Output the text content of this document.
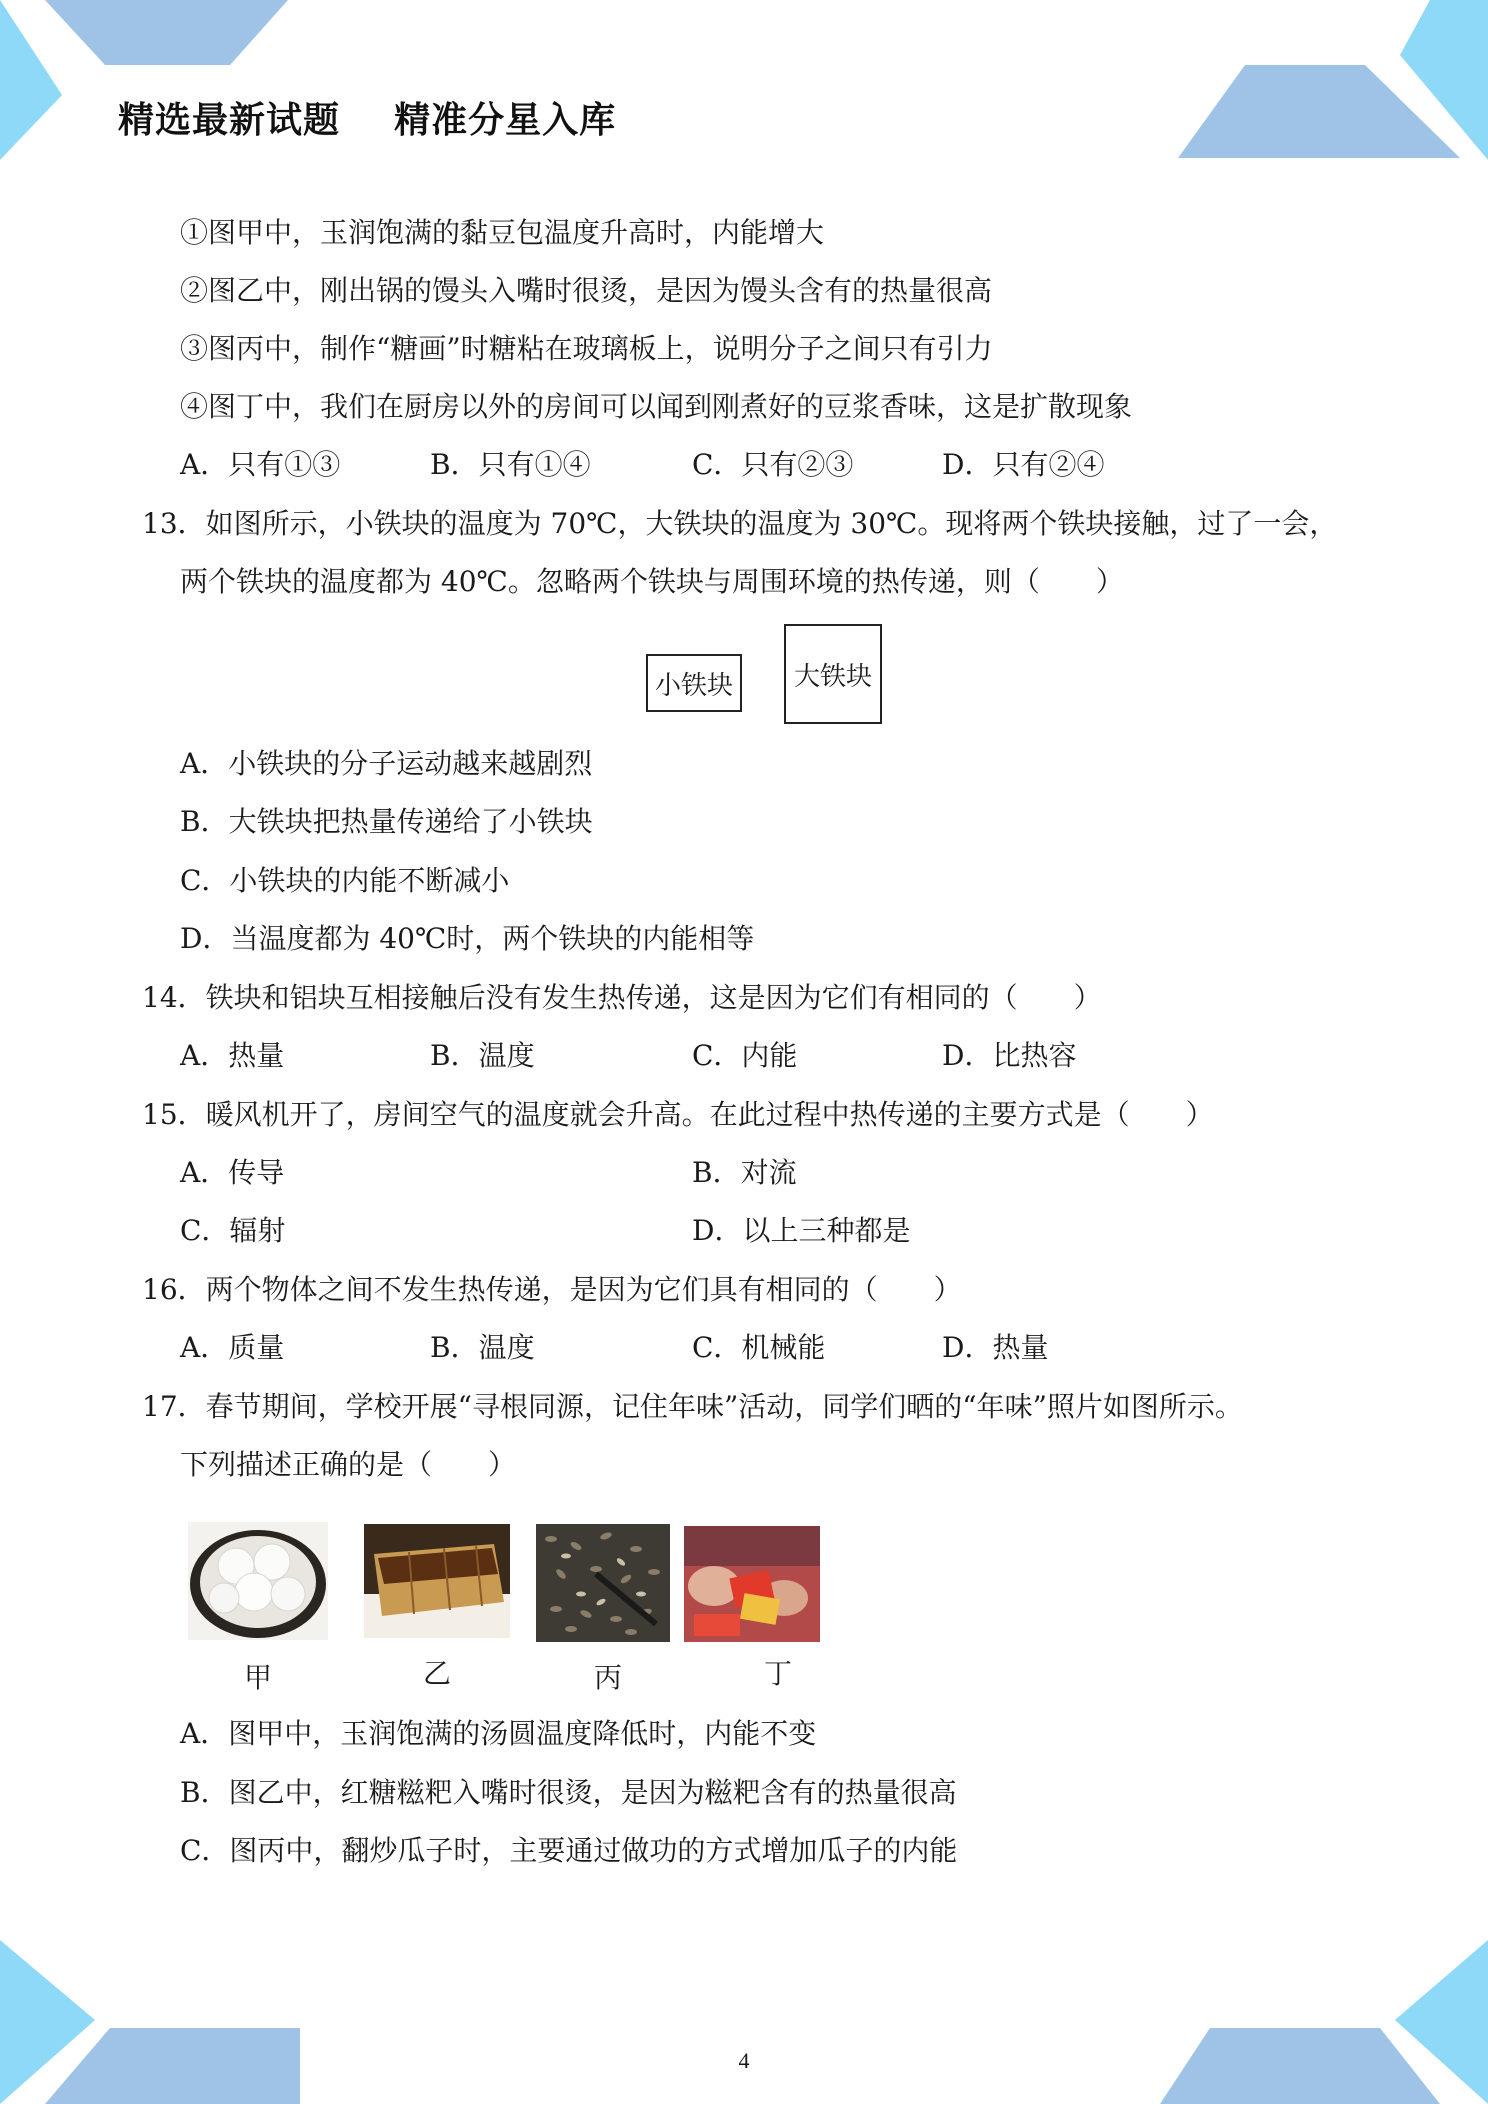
精选最新试题    精准分星入库
①图甲中，玉润饱满的黏豆包温度升高时，内能增大
②图乙中，刚出锅的馒头入嘴时很烫，是因为馒头含有的热量很高
③图丙中，制作“糖画”时糖粘在玻璃板上，说明分子之间只有引力
④图丁中，我们在厨房以外的房间可以闻到刚煮好的豆浆香味，这是扩散现象
A．只有①③	B．只有①④	C．只有②③	D．只有②④
13．如图所示，小铁块的温度为 70℃，大铁块的温度为 30℃。现将两个铁块接触，过了一会，
两个铁块的温度都为 40℃。忽略两个铁块与周围环境的热传递，则（　　）
小铁块 大铁块
A．小铁块的分子运动越来越剧烈
B．大铁块把热量传递给了小铁块
C．小铁块的内能不断减小
D．当温度都为 40℃时，两个铁块的内能相等
14．铁块和铝块互相接触后没有发生热传递，这是因为它们有相同的（　　）
A．热量	B．温度	C．内能	D．比热容
15．暖风机开了，房间空气的温度就会升高。在此过程中热传递的主要方式是（　　）
A．传导	B．对流
C．辐射	D．以上三种都是
16．两个物体之间不发生热传递，是因为它们具有相同的（　　）
A．质量	B．温度	C．机械能	D．热量
17．春节期间，学校开展“寻根同源，记住年味”活动，同学们晒的“年味”照片如图所示。
下列描述正确的是（　　）
甲	乙	丙	丁
A．图甲中，玉润饱满的汤圆温度降低时，内能不变
B．图乙中，红糖糍粑入嘴时很烫，是因为糍粑含有的热量很高
C．图丙中，翻炒瓜子时，主要通过做功的方式增加瓜子的内能
4
